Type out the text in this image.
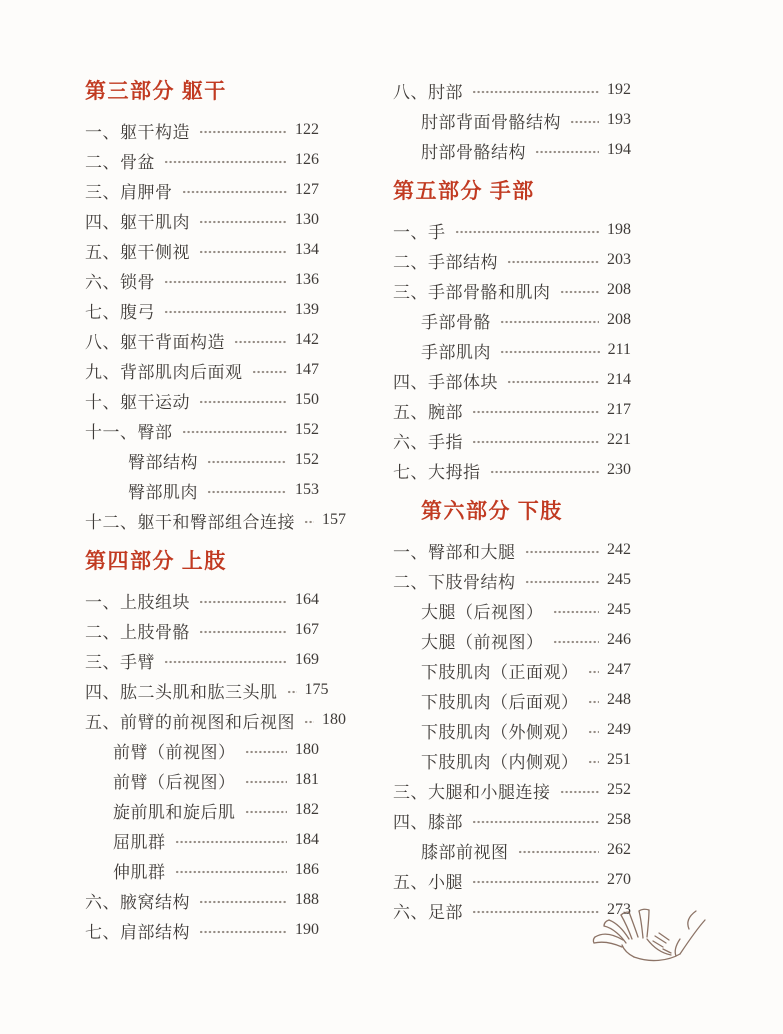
第三部分 躯干
一、躯干构造	122
二、骨盆	126
三、肩胛骨	127
四、躯干肌肉	130
五、躯干侧视	134
六、锁骨	136
七、腹弓	139
八、躯干背面构造	142
九、背部肌肉后面观	147
十、躯干运动	150
十一、臀部	152
臀部结构	152
臀部肌肉	153
十二、躯干和臀部组合连接 157
第四部分 上肢
一、上肢组块	164
二、上肢骨骼	167
三、手臂	169
四、肱二头肌和肱三头肌 175
五、前臂的前视图和后视图 180
前臂（前视图）	180
前臂（后视图）	181
旋前肌和旋后肌	182
屈肌群	184
伸肌群	186
六、腋窝结构	188
七、肩部结构	190
八、肘部	192
肘部背面骨骼结构	193
肘部骨骼结构	194
第五部分 手部
一、手	198
二、手部结构	203
三、手部骨骼和肌肉	208
手部骨骼	208
手部肌肉	211
四、手部体块	214
五、腕部	217
六、手指	221
七、大拇指	230
第六部分 下肢
一、臀部和大腿	242
二、下肢骨结构	245
大腿（后视图）	245
大腿（前视图）	246
下肢肌肉（正面观） 247
下肢肌肉（后面观） 248
下肢肌肉（外侧观） 249
下肢肌肉（内侧观） 251
三、大腿和小腿连接	252
四、膝部	258
膝部前视图	262
五、小腿	270
六、足部	273
